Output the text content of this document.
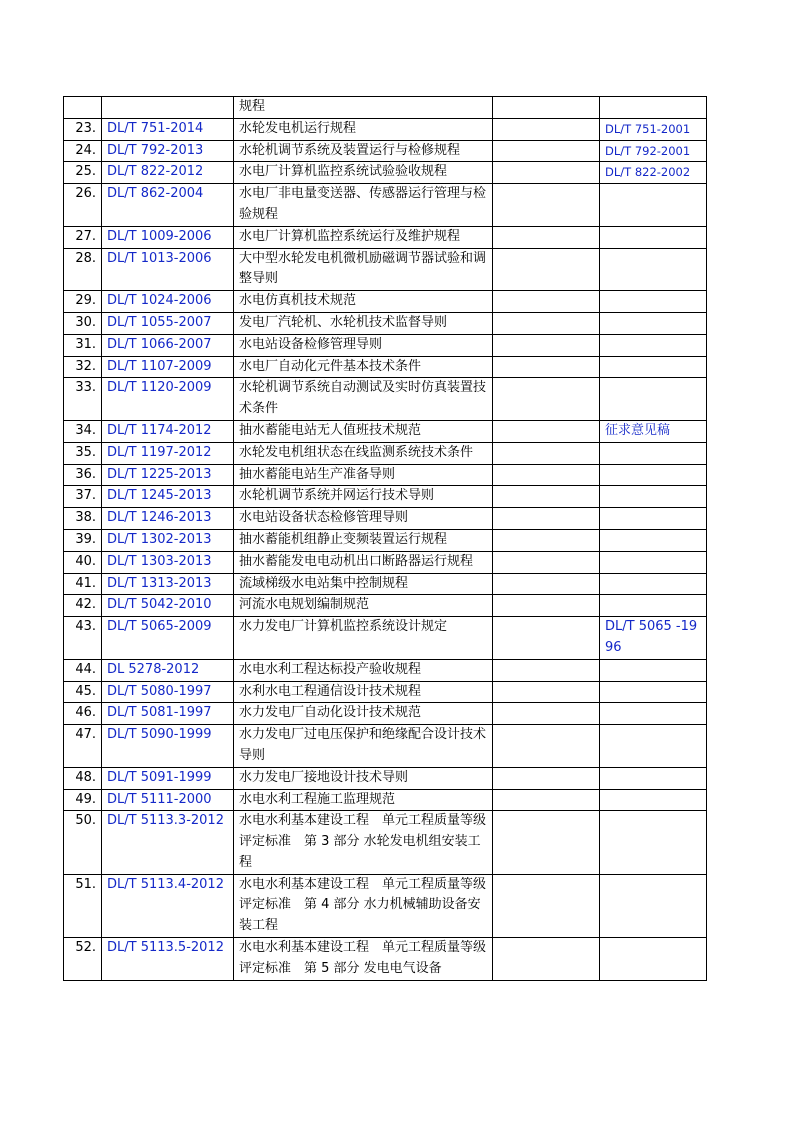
		规程		
23.	DL/T 751-2014	水轮发电机运行规程		DL/T 751-2001
24.	DL/T 792-2013	水轮机调节系统及装置运行与检修规程		DL/T 792-2001
25.	DL/T 822-2012	水电厂计算机监控系统试验验收规程		DL/T 822-2002
26.	DL/T 862-2004	水电厂非电量变送器、传感器运行管理与检验规程		
27.	DL/T 1009-2006	水电厂计算机监控系统运行及维护规程		
28.	DL/T 1013-2006	大中型水轮发电机微机励磁调节器试验和调整导则		
29.	DL/T 1024-2006	水电仿真机技术规范		
30.	DL/T 1055-2007	发电厂汽轮机、水轮机技术监督导则		
31.	DL/T 1066-2007	水电站设备检修管理导则		
32.	DL/T 1107-2009	水电厂自动化元件基本技术条件		
33.	DL/T 1120-2009	水轮机调节系统自动测试及实时仿真装置技术条件		
34.	DL/T 1174-2012	抽水蓄能电站无人值班技术规范		征求意见稿
35.	DL/T 1197-2012	水轮发电机组状态在线监测系统技术条件		
36.	DL/T 1225-2013	抽水蓄能电站生产准备导则		
37.	DL/T 1245-2013	水轮机调节系统并网运行技术导则		
38.	DL/T 1246-2013	水电站设备状态检修管理导则		
39.	DL/T 1302-2013	抽水蓄能机组静止变频装置运行规程		
40.	DL/T 1303-2013	抽水蓄能发电电动机出口断路器运行规程		
41.	DL/T 1313-2013	流域梯级水电站集中控制规程		
42.	DL/T 5042-2010	河流水电规划编制规范		
43.	DL/T 5065-2009	水力发电厂计算机监控系统设计规定		DL/T 5065 -1996
44.	DL 5278-2012	水电水利工程达标投产验收规程		
45.	DL/T 5080-1997	水利水电工程通信设计技术规程		
46.	DL/T 5081-1997	水力发电厂自动化设计技术规范		
47.	DL/T 5090-1999	水力发电厂过电压保护和绝缘配合设计技术导则		
48.	DL/T 5091-1999	水力发电厂接地设计技术导则		
49.	DL/T 5111-2000	水电水利工程施工监理规范		
50.	DL/T 5113.3-2012	水电水利基本建设工程　单元工程质量等级评定标准　第 3 部分 水轮发电机组安装工程		
51.	DL/T 5113.4-2012	水电水利基本建设工程　单元工程质量等级评定标准　第 4 部分 水力机械辅助设备安装工程		
52.	DL/T 5113.5-2012	水电水利基本建设工程　单元工程质量等级评定标准　第 5 部分 发电电气设备		
